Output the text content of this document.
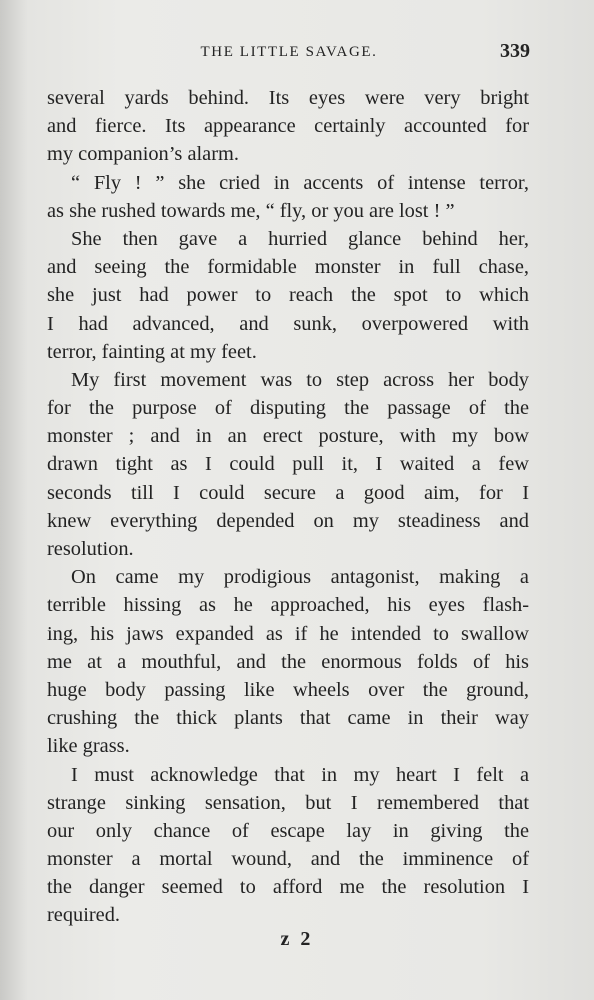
THE LITTLE SAVAGE.	339
several yards behind. Its eyes were very bright
and fierce. Its appearance certainly accounted for
my companion’s alarm.
“ Fly ! ” she cried in accents of intense terror,
as she rushed towards me, “ fly, or you are lost ! ”
She then gave a hurried glance behind her,
and seeing the formidable monster in full chase,
she just had power to reach the spot to which
I had advanced, and sunk, overpowered with
terror, fainting at my feet.
My first movement was to step across her body
for the purpose of disputing the passage of the
monster ; and in an erect posture, with my bow
drawn tight as I could pull it, I waited a few
seconds till I could secure a good aim, for I
knew everything depended on my steadiness and
resolution.
On came my prodigious antagonist, making a
terrible hissing as he approached, his eyes flash-
ing, his jaws expanded as if he intended to swallow
me at a mouthful, and the enormous folds of his
huge body passing like wheels over the ground,
crushing the thick plants that came in their way
like grass.
I must acknowledge that in my heart I felt a
strange sinking sensation, but I remembered that
our only chance of escape lay in giving the
monster a mortal wound, and the imminence of
the danger seemed to afford me the resolution I
required.
z 2
